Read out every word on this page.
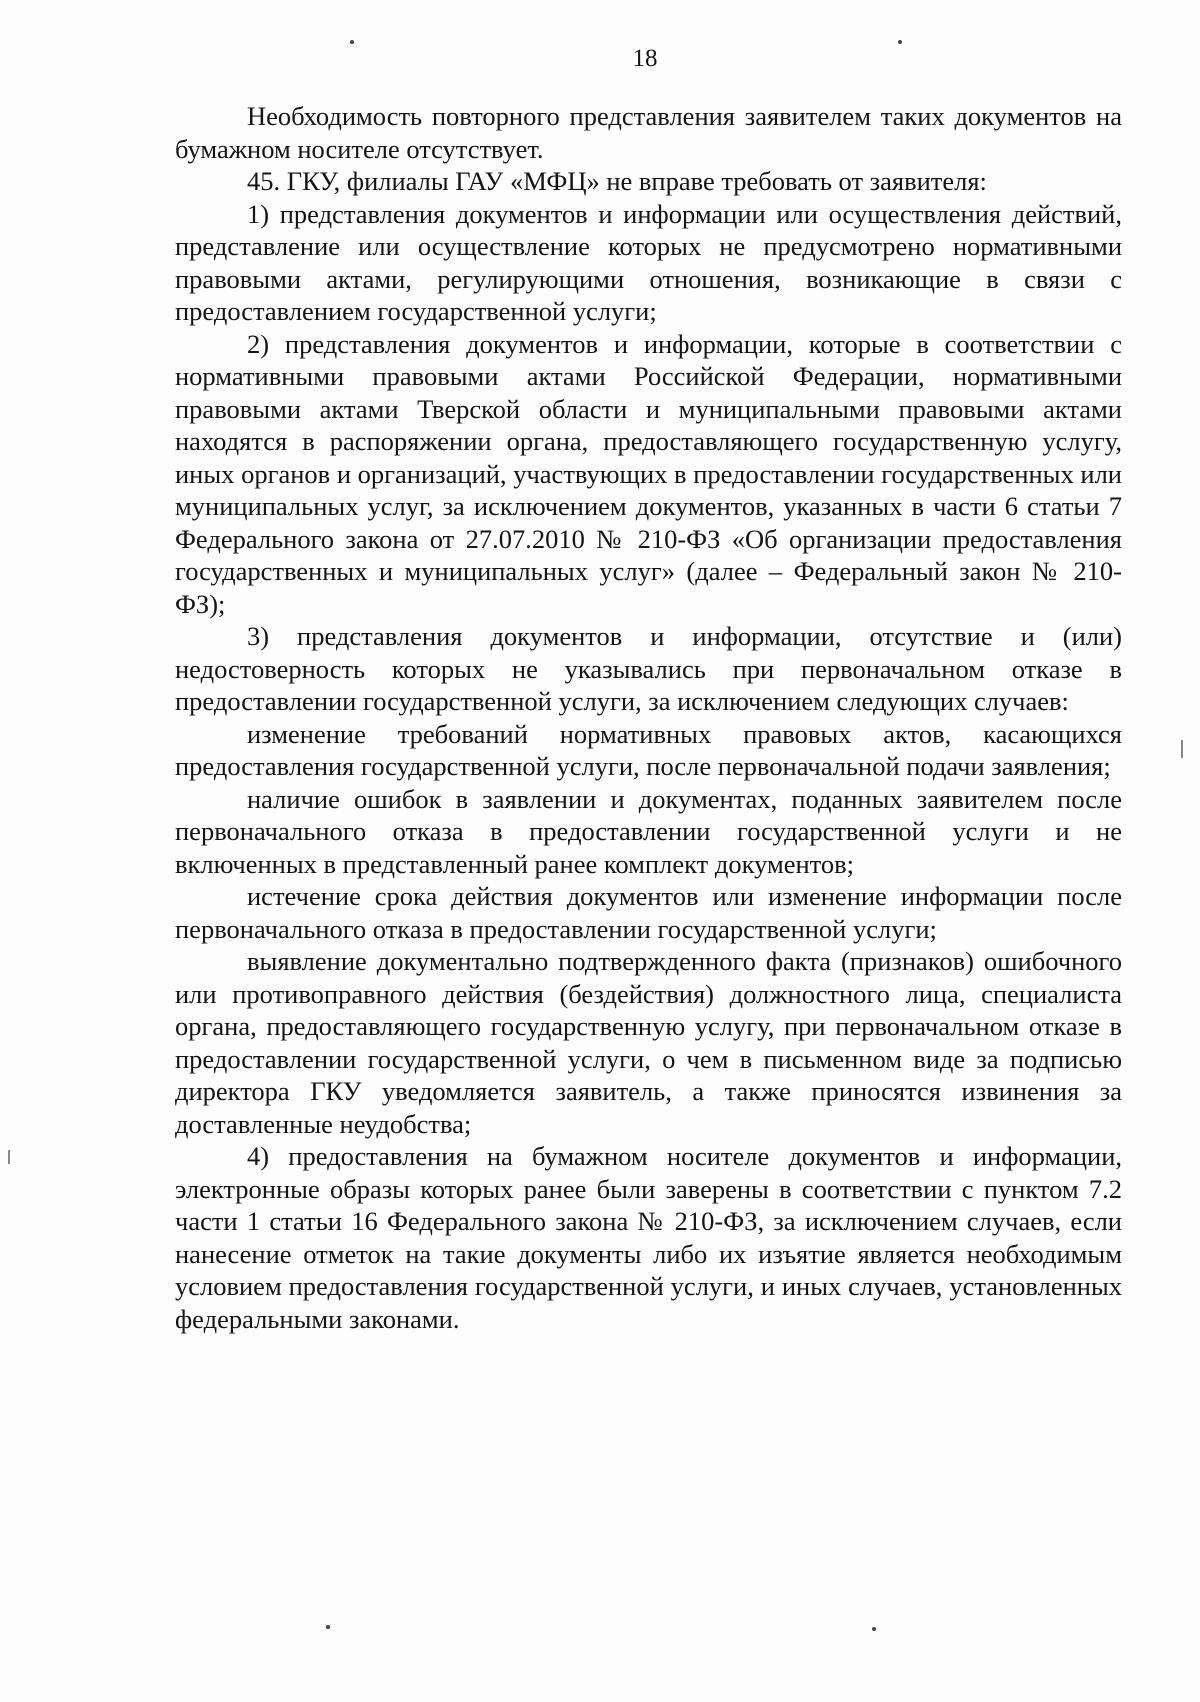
18

Необходимость повторного представления заявителем таких документов на бумажном носителе отсутствует.

45. ГКУ, филиалы ГАУ «МФЦ» не вправе требовать от заявителя:

1) представления документов и информации или осуществления действий, представление или осуществление которых не предусмотрено нормативными правовыми актами, регулирующими отношения, возникающие в связи с предоставлением государственной услуги;

2) представления документов и информации, которые в соответствии с нормативными правовыми актами Российской Федерации, нормативными правовыми актами Тверской области и муниципальными правовыми актами находятся в распоряжении органа, предоставляющего государственную услугу, иных органов и организаций, участвующих в предоставлении государственных или муниципальных услуг, за исключением документов, указанных в части 6 статьи 7 Федерального закона от 27.07.2010 № 210-ФЗ «Об организации предоставления государственных и муниципальных услуг» (далее – Федеральный закон № 210-ФЗ);

3) представления документов и информации, отсутствие и (или) недостоверность которых не указывались при первоначальном отказе в предоставлении государственной услуги, за исключением следующих случаев:

изменение требований нормативных правовых актов, касающихся предоставления государственной услуги, после первоначальной подачи заявления;

наличие ошибок в заявлении и документах, поданных заявителем после первоначального отказа в предоставлении государственной услуги и не включенных в представленный ранее комплект документов;

истечение срока действия документов или изменение информации после первоначального отказа в предоставлении государственной услуги;

выявление документально подтвержденного факта (признаков) ошибочного или противоправного действия (бездействия) должностного лица, специалиста органа, предоставляющего государственную услугу, при первоначальном отказе в предоставлении государственной услуги, о чем в письменном виде за подписью директора ГКУ уведомляется заявитель, а также приносятся извинения за доставленные неудобства;

4) предоставления на бумажном носителе документов и информации, электронные образы которых ранее были заверены в соответствии с пунктом 7.2 части 1 статьи 16 Федерального закона № 210-ФЗ, за исключением случаев, если нанесение отметок на такие документы либо их изъятие является необходимым условием предоставления государственной услуги, и иных случаев, установленных федеральными законами.
